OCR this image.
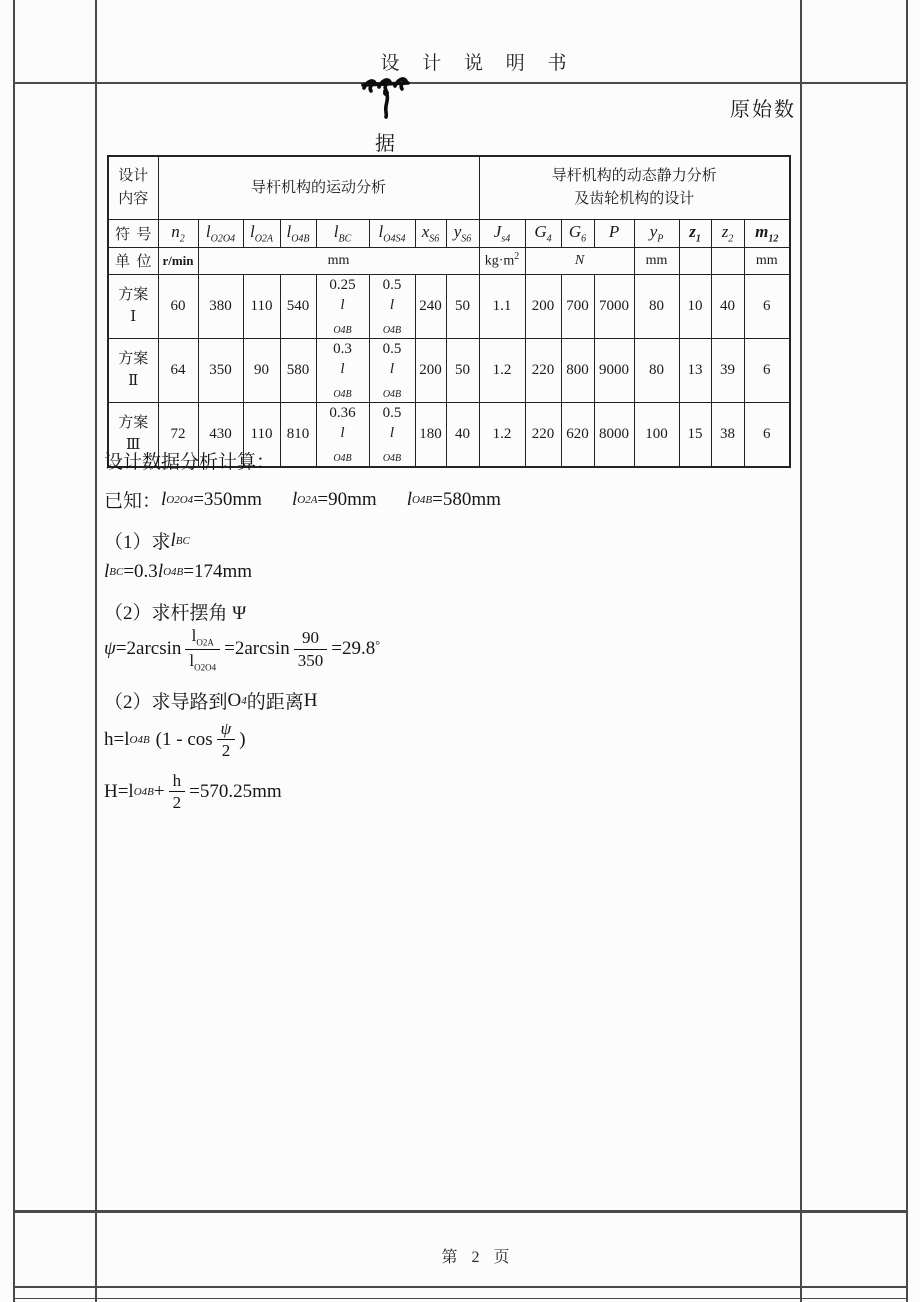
设 计 说 明 书
原始数
据
设计
内容	导杆机构的运动分析								导杆机构的动态静力分析
及齿轮机构的设计							

符 号	$n_2$	$l_{O2O4}$	$l_{O2A}$	$l_{O4B}$	$l_{BC}$	$l_{O4S4}$	$x_{S6}$	$y_{S6}$	$J_{s4}$	$G_4$	$G_6$	P	$y_P$	$z_1$	$z_2$	$m_{12}$

单 位	r/min	mm							$kg\cdot m^2$	N			mm			mm

方案
Ⅰ	60	380	110	540	0.25
l
$_{O4B}$	0.5
l
$_{O4B}$	240	50	1.1	200	700	7000	80	10	40	6

方案
Ⅱ	64	350	90	580	0.3
l
$_{O4B}$	0.5
l
$_{O4B}$	200	50	1.2	220	800	9000	80	13	39	6

方案
Ⅲ	72	430	110	810	0.36
l
$_{O4B}$	0.5
l
$_{O4B}$	180	40	1.2	220	620	8000	100	15	38	6
设计数据分析计算：
已知： l O2O4 =350mm l O2A =90mm l O4B =580mm
（1）求 l BC
l BC =0.3 l O4B =174mm
（2）求杆摆角 Ψ
$\psi =2\arcsin \frac{l_{O2A}}{l_{O2O4}} =2\arcsin \frac{90}{350} =29.8$ °
（2）求导路到 O 4 的距离 H
h=l O4B ($1 - \cos \frac{\psi}{2}$ )
H=l $O4B + \frac{h}{2} =570.25mm$
第 2 页
